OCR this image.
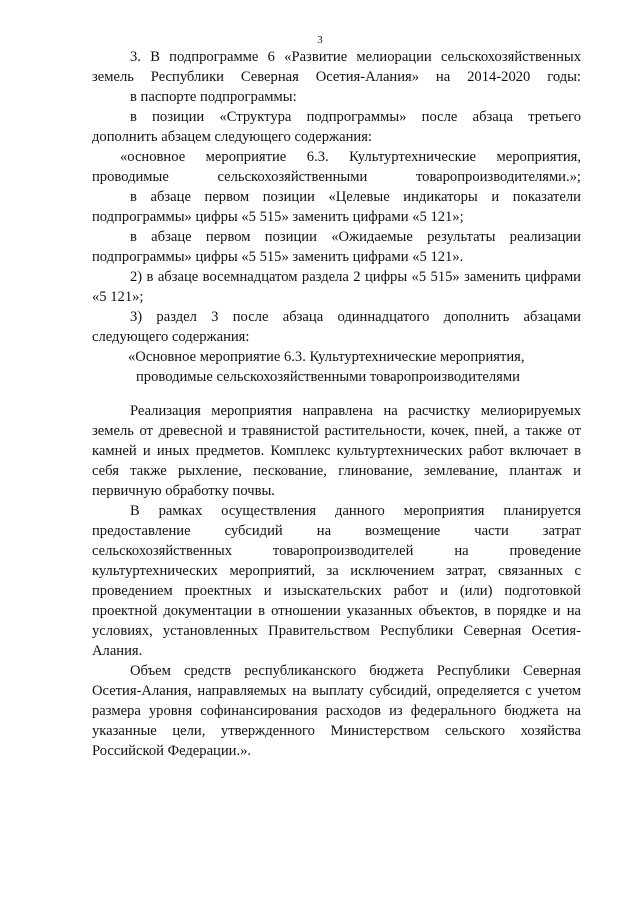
3
3. В подпрограмме 6 «Развитие мелиорации сельскохозяйственных
земель Республики Северная Осетия-Алания» на 2014-2020 годы:
в паспорте подпрограммы:
в позиции «Структура подпрограммы» после абзаца третьего
дополнить абзацем следующего содержания:
«основное мероприятие 6.3. Культуртехнические мероприятия,
проводимые сельскохозяйственными товаропроизводителями.»;
в абзаце первом позиции «Целевые индикаторы и показатели
подпрограммы» цифры «5 515» заменить цифрами «5 121»;
в абзаце первом позиции «Ожидаемые результаты реализации
подпрограммы» цифры «5 515» заменить цифрами «5 121».
2) в абзаце восемнадцатом раздела 2 цифры «5 515» заменить цифрами
«5 121»;
3) раздел 3 после абзаца одиннадцатого дополнить абзацами
следующего содержания:
«Основное мероприятие 6.3. Культуртехнические мероприятия,
проводимые сельскохозяйственными товаропроизводителями
Реализация мероприятия направлена на расчистку мелиорируемых
земель от древесной и травянистой растительности, кочек, пней, а также от
камней и иных предметов. Комплекс культуртехнических работ включает в
себя также рыхление, пескование, глинование, землевание, плантаж и
первичную обработку почвы.
В рамках осуществления данного мероприятия планируется
предоставление субсидий на возмещение части затрат
сельскохозяйственных товаропроизводителей на проведение
культуртехнических мероприятий, за исключением затрат, связанных с
проведением проектных и изыскательских работ и (или) подготовкой
проектной документации в отношении указанных объектов, в порядке и на
условиях, установленных Правительством Республики Северная Осетия-
Алания.
Объем средств республиканского бюджета Республики Северная
Осетия-Алания, направляемых на выплату субсидий, определяется с учетом
размера уровня софинансирования расходов из федерального бюджета на
указанные цели, утвержденного Министерством сельского хозяйства
Российской Федерации.».
